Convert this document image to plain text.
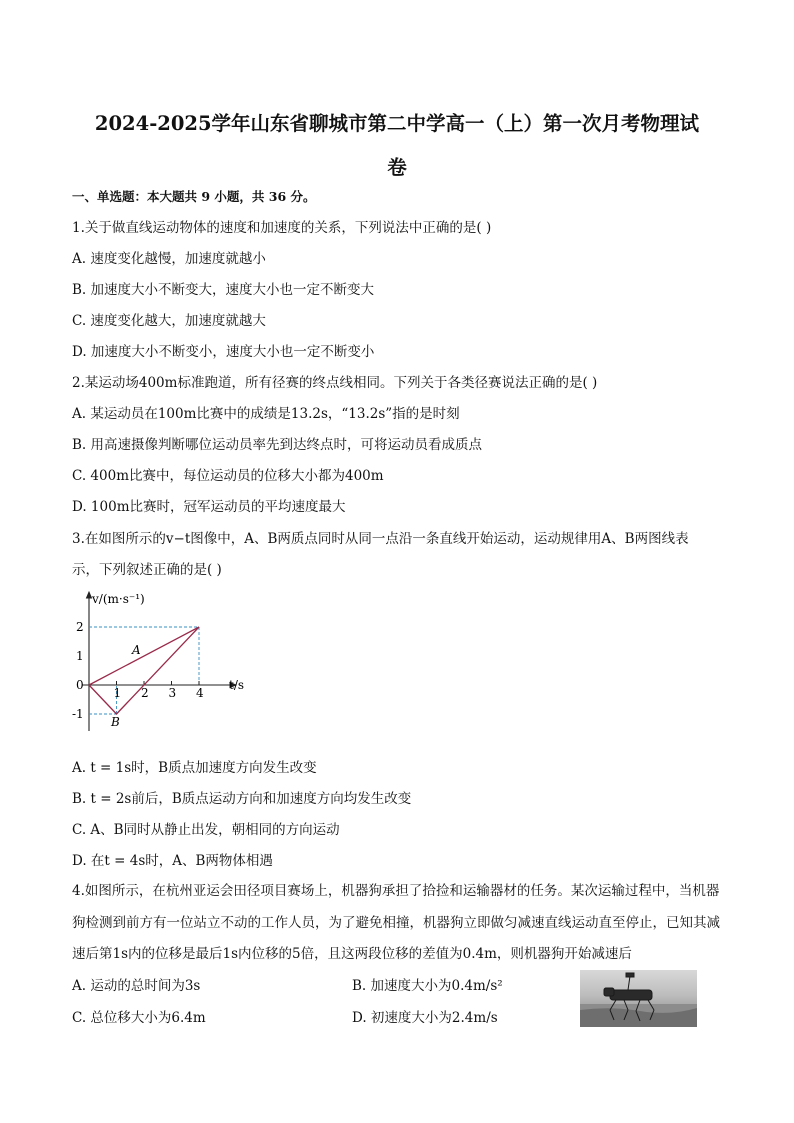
2024-2025学年山东省聊城市第二中学高一（上）第一次月考物理试
卷
一、单选题：本大题共 9 小题，共 36 分。
1.关于做直线运动物体的速度和加速度的关系，下列说法中正确的是( )
A. 速度变化越慢，加速度就越小
B. 加速度大小不断变大，速度大小也一定不断变大
C. 速度变化越大，加速度就越大
D. 加速度大小不断变小，速度大小也一定不断变小
2.某运动场400m标准跑道，所有径赛的终点线相同。下列关于各类径赛说法正确的是( )
A. 某运动员在100m比赛中的成绩是13.2s，“13.2s”指的是时刻
B. 用高速摄像判断哪位运动员率先到达终点时，可将运动员看成质点
C. 400m比赛中，每位运动员的位移大小都为400m
D. 100m比赛时，冠军运动员的平均速度最大
3.在如图所示的v−t图像中，A、B两质点同时从同一点沿一条直线开始运动，运动规律用A、B两图线表
示，下列叙述正确的是( )
1 2 3 4
2
1
0
-1
v/(m·s⁻¹)
t/s
A
B
A. t = 1s时，B质点加速度方向发生改变
B. t = 2s前后，B质点运动方向和加速度方向均发生改变
C. A、B同时从静止出发，朝相同的方向运动
D. 在t = 4s时，A、B两物体相遇
4.如图所示，在杭州亚运会田径项目赛场上，机器狗承担了拾捡和运输器材的任务。某次运输过程中，当机器狗检测到前方有一位站立不动的工作人员，为了避免相撞，机器狗立即做匀减速直线运动直至停止，已知其减速后第1s内的位移是最后1s内位移的5倍，且这两段位移的差值为0.4m，则机器狗开始减速后
A. 运动的总时间为3s	B. 加速度大小为0.4m/s²
C. 总位移大小为6.4m	D. 初速度大小为2.4m/s
